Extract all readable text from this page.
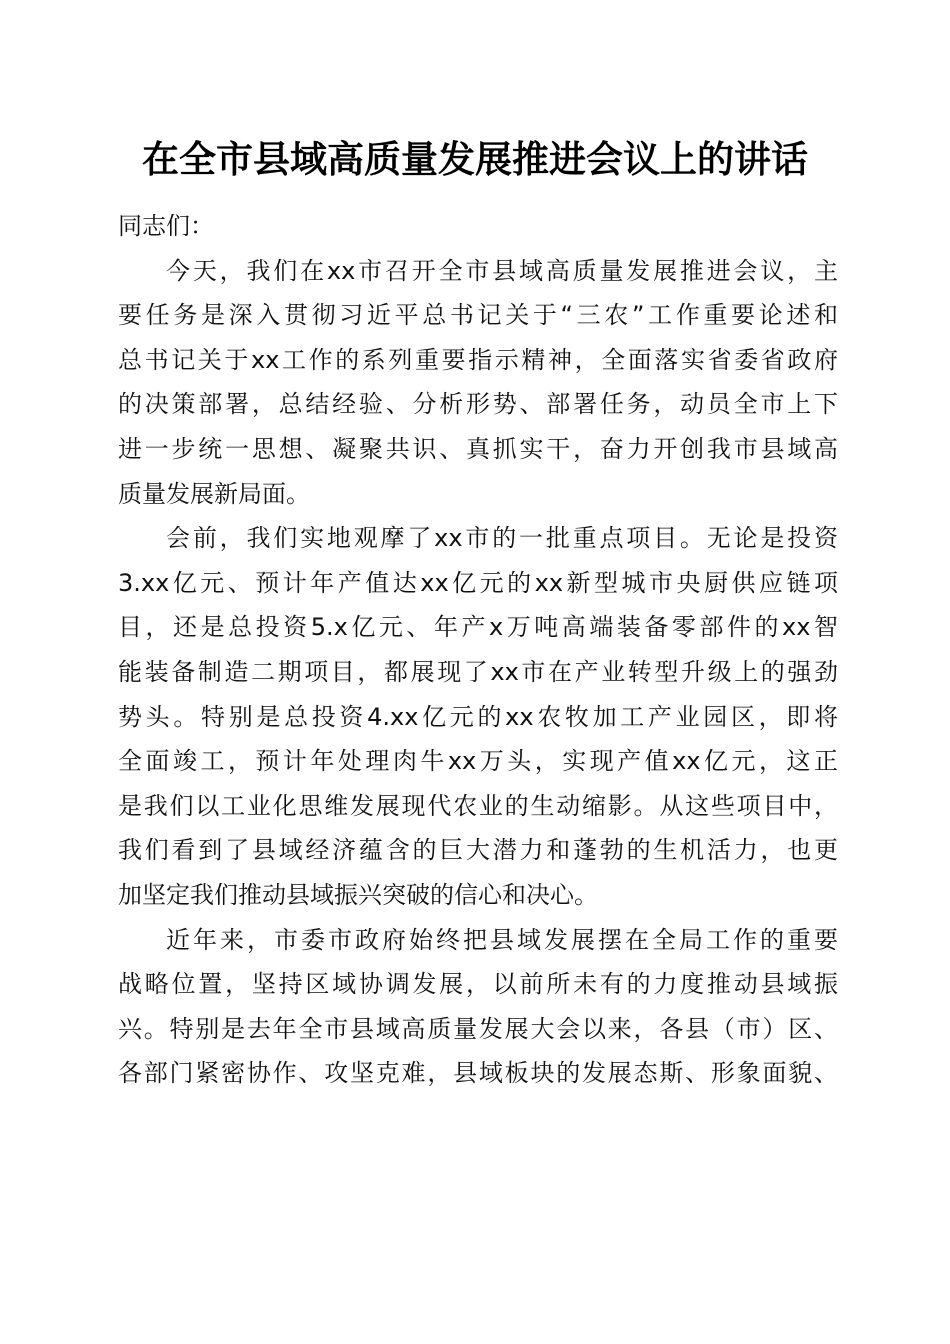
在全市县域高质量发展推进会议上的讲话
同志们：
今天，我们在xx市召开全市县域高质量发展推进会议，主
要任务是深入贯彻习近平总书记关于“三农”工作重要论述和
总书记关于xx工作的系列重要指示精神，全面落实省委省政府
的决策部署，总结经验、分析形势、部署任务，动员全市上下
进一步统一思想、凝聚共识、真抓实干，奋力开创我市县域高
质量发展新局面。
会前，我们实地观摩了xx市的一批重点项目。无论是投资
3.xx亿元、预计年产值达xx亿元的xx新型城市央厨供应链项
目，还是总投资5.x亿元、年产x万吨高端装备零部件的xx智
能装备制造二期项目，都展现了xx市在产业转型升级上的强劲
势头。特别是总投资4.xx亿元的xx农牧加工产业园区，即将
全面竣工，预计年处理肉牛xx万头，实现产值xx亿元，这正
是我们以工业化思维发展现代农业的生动缩影。从这些项目中，
我们看到了县域经济蕴含的巨大潜力和蓬勃的生机活力，也更
加坚定我们推动县域振兴突破的信心和决心。
近年来，市委市政府始终把县域发展摆在全局工作的重要
战略位置，坚持区域协调发展，以前所未有的力度推动县域振
兴。特别是去年全市县域高质量发展大会以来，各县（市）区、
各部门紧密协作、攻坚克难，县域板块的发展态斯、形象面貌、
